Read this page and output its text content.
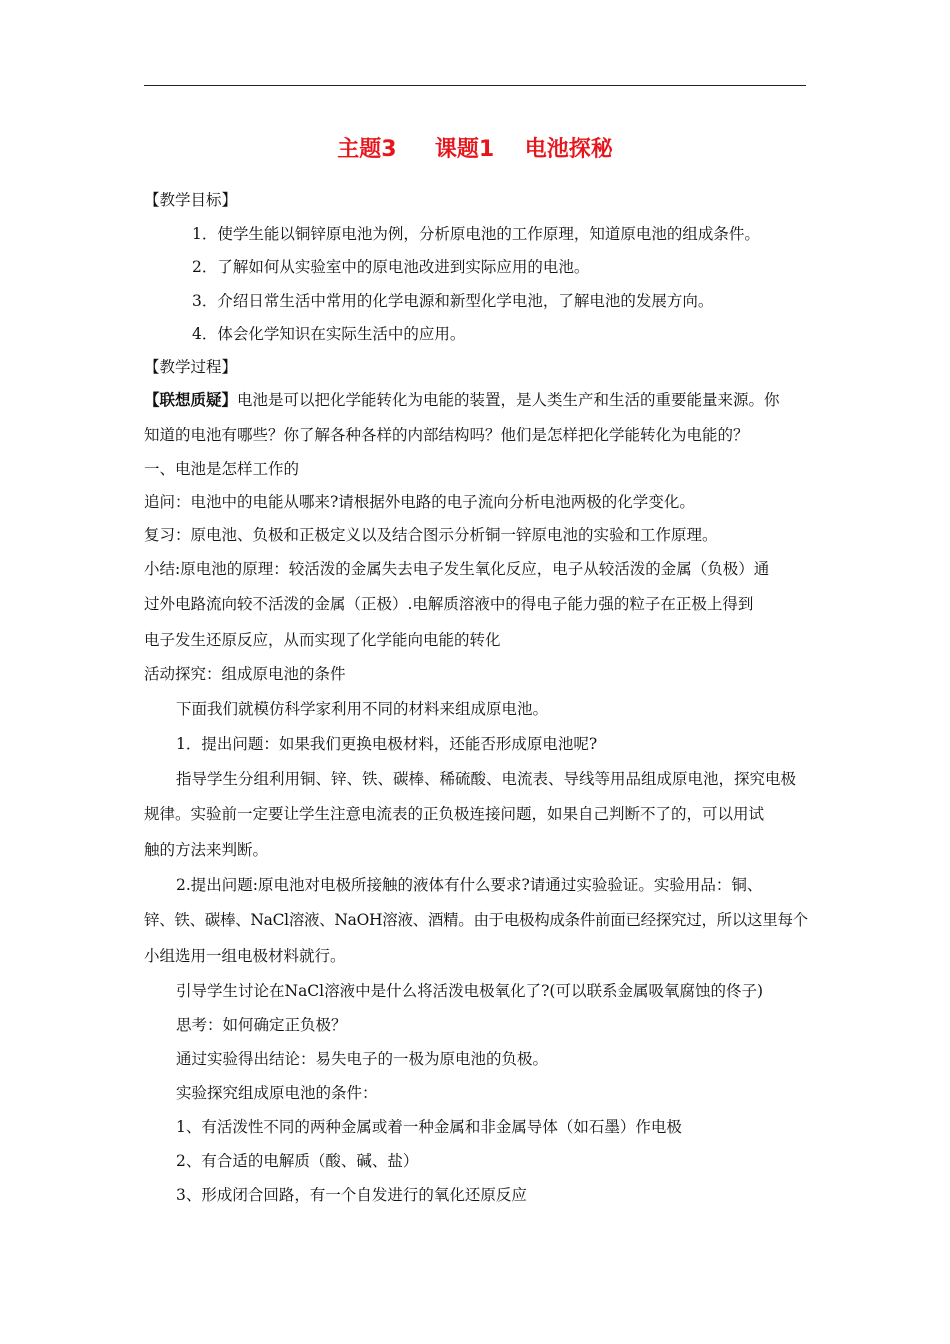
主题3     课题1    电池探秘
【教学目标】
1．使学生能以铜锌原电池为例，分析原电池的工作原理，知道原电池的组成条件。
2．了解如何从实验室中的原电池改进到实际应用的电池。
3．介绍日常生活中常用的化学电源和新型化学电池，了解电池的发展方向。
4．体会化学知识在实际生活中的应用。
【教学过程】
【联想质疑】电池是可以把化学能转化为电能的装置，是人类生产和生活的重要能量来源。你
知道的电池有哪些？你了解各种各样的内部结构吗？他们是怎样把化学能转化为电能的？
一、电池是怎样工作的
追问：电池中的电能从哪来?请根据外电路的电子流向分析电池两极的化学变化。
复习：原电池、负极和正极定义以及结合图示分析铜一锌原电池的实验和工作原理。
小结:原电池的原理：较活泼的金属失去电子发生氧化反应，电子从较活泼的金属（负极）通
过外电路流向较不活泼的金属（正极）.电解质溶液中的得电子能力强的粒子在正极上得到
电子发生还原反应，从而实现了化学能向电能的转化
活动探究：组成原电池的条件
下面我们就模仿科学家利用不同的材料来组成原电池。
1．提出问题：如果我们更换电极材料，还能否形成原电池呢?
指导学生分组利用铜、锌、铁、碳棒、稀硫酸、电流表、导线等用品组成原电池，探究电极
规律。实验前一定要让学生注意电流表的正负极连接问题，如果自己判断不了的，可以用试
触的方法来判断。
2.提出问题:原电池对电极所接触的液体有什么要求?请通过实验验证。实验用品：铜、
锌、铁、碳棒、NaCl溶液、NaOH溶液、酒精。由于电极构成条件前面已经探究过，所以这里每个
小组选用一组电极材料就行。
引导学生讨论在NaCl溶液中是什么将活泼电极氧化了?(可以联系金属吸氧腐蚀的佟子)
思考：如何确定正负极？
通过实验得出结论：易失电子的一极为原电池的负极。
实验探究组成原电池的条件：
1、有活泼性不同的两种金属或着一种金属和非金属导体（如石墨）作电极
2、有合适的电解质（酸、碱、盐）
3、形成闭合回路，有一个自发进行的氧化还原反应
